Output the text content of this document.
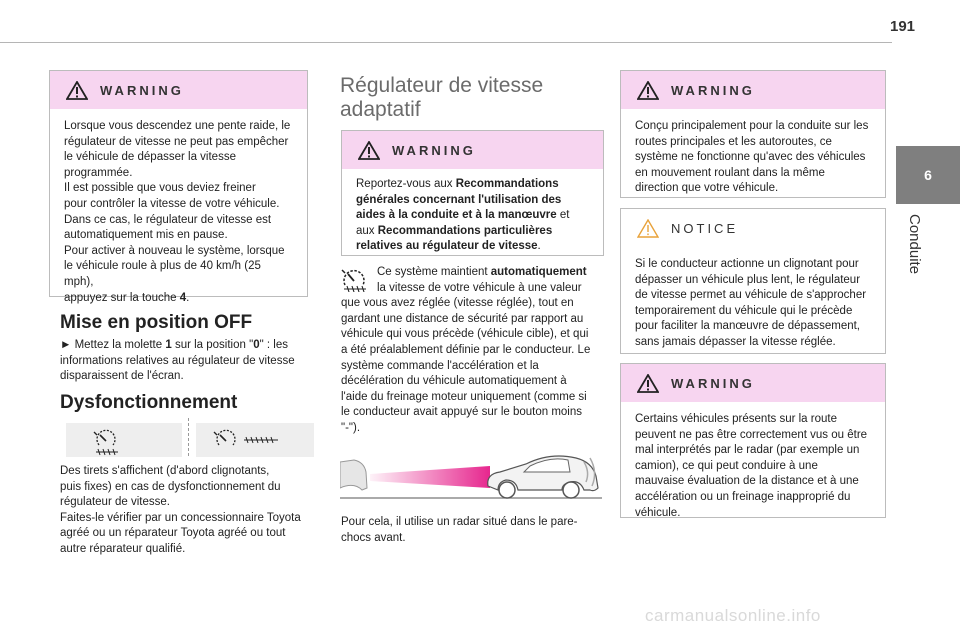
191
6
Conduite
WARNING
Lorsque vous descendez une pente raide, le
régulateur de vitesse ne peut pas empêcher
le véhicule de dépasser la vitesse
programmée.
Il est possible que vous deviez freiner
pour contrôler la vitesse de votre véhicule.
Dans ce cas, le régulateur de vitesse est
automatiquement mis en pause.
Pour activer à nouveau le système, lorsque
le véhicule roule à plus de 40 km/h (25 mph),
appuyez sur la touche 4.
Mise en position OFF
► Mettez la molette 1 sur la position "0" : les
informations relatives au régulateur de vitesse
disparaissent de l'écran.
Dysfonctionnement
Des tirets s'affichent (d'abord clignotants,
puis fixes) en cas de dysfonctionnement du
régulateur de vitesse.
Faites-le vérifier par un concessionnaire Toyota
agréé ou un réparateur Toyota agréé ou tout
autre réparateur qualifié.
Régulateur de vitesse
adaptatif
WARNING
Reportez-vous aux Recommandations
générales concernant l'utilisation des
aides à la conduite et à la manœuvre et
aux Recommandations particulières
relatives au régulateur de vitesse.
Ce système maintient automatiquement
la vitesse de votre véhicule à une valeur
que vous avez réglée (vitesse réglée), tout en
gardant une distance de sécurité par rapport au
véhicule qui vous précède (véhicule cible), et qui
a été préalablement définie par le conducteur. Le
système commande l'accélération et la
décélération du véhicule automatiquement à
l'aide du freinage moteur uniquement (comme si
le conducteur avait appuyé sur le bouton moins
"-").
Pour cela, il utilise un radar situé dans le pare-
chocs avant.
WARNING
Conçu principalement pour la conduite sur les
routes principales et les autoroutes, ce
système ne fonctionne qu'avec des véhicules
en mouvement roulant dans la même
direction que votre véhicule.
NOTICE
Si le conducteur actionne un clignotant pour
dépasser un véhicule plus lent, le régulateur
de vitesse permet au véhicule de s'approcher
temporairement du véhicule qui le précède
pour faciliter la manœuvre de dépassement,
sans jamais dépasser la vitesse réglée.
WARNING
Certains véhicules présents sur la route
peuvent ne pas être correctement vus ou être
mal interprétés par le radar (par exemple un
camion), ce qui peut conduire à une
mauvaise évaluation de la distance et à une
accélération ou un freinage inapproprié du
véhicule.
carmanualsonline.info
